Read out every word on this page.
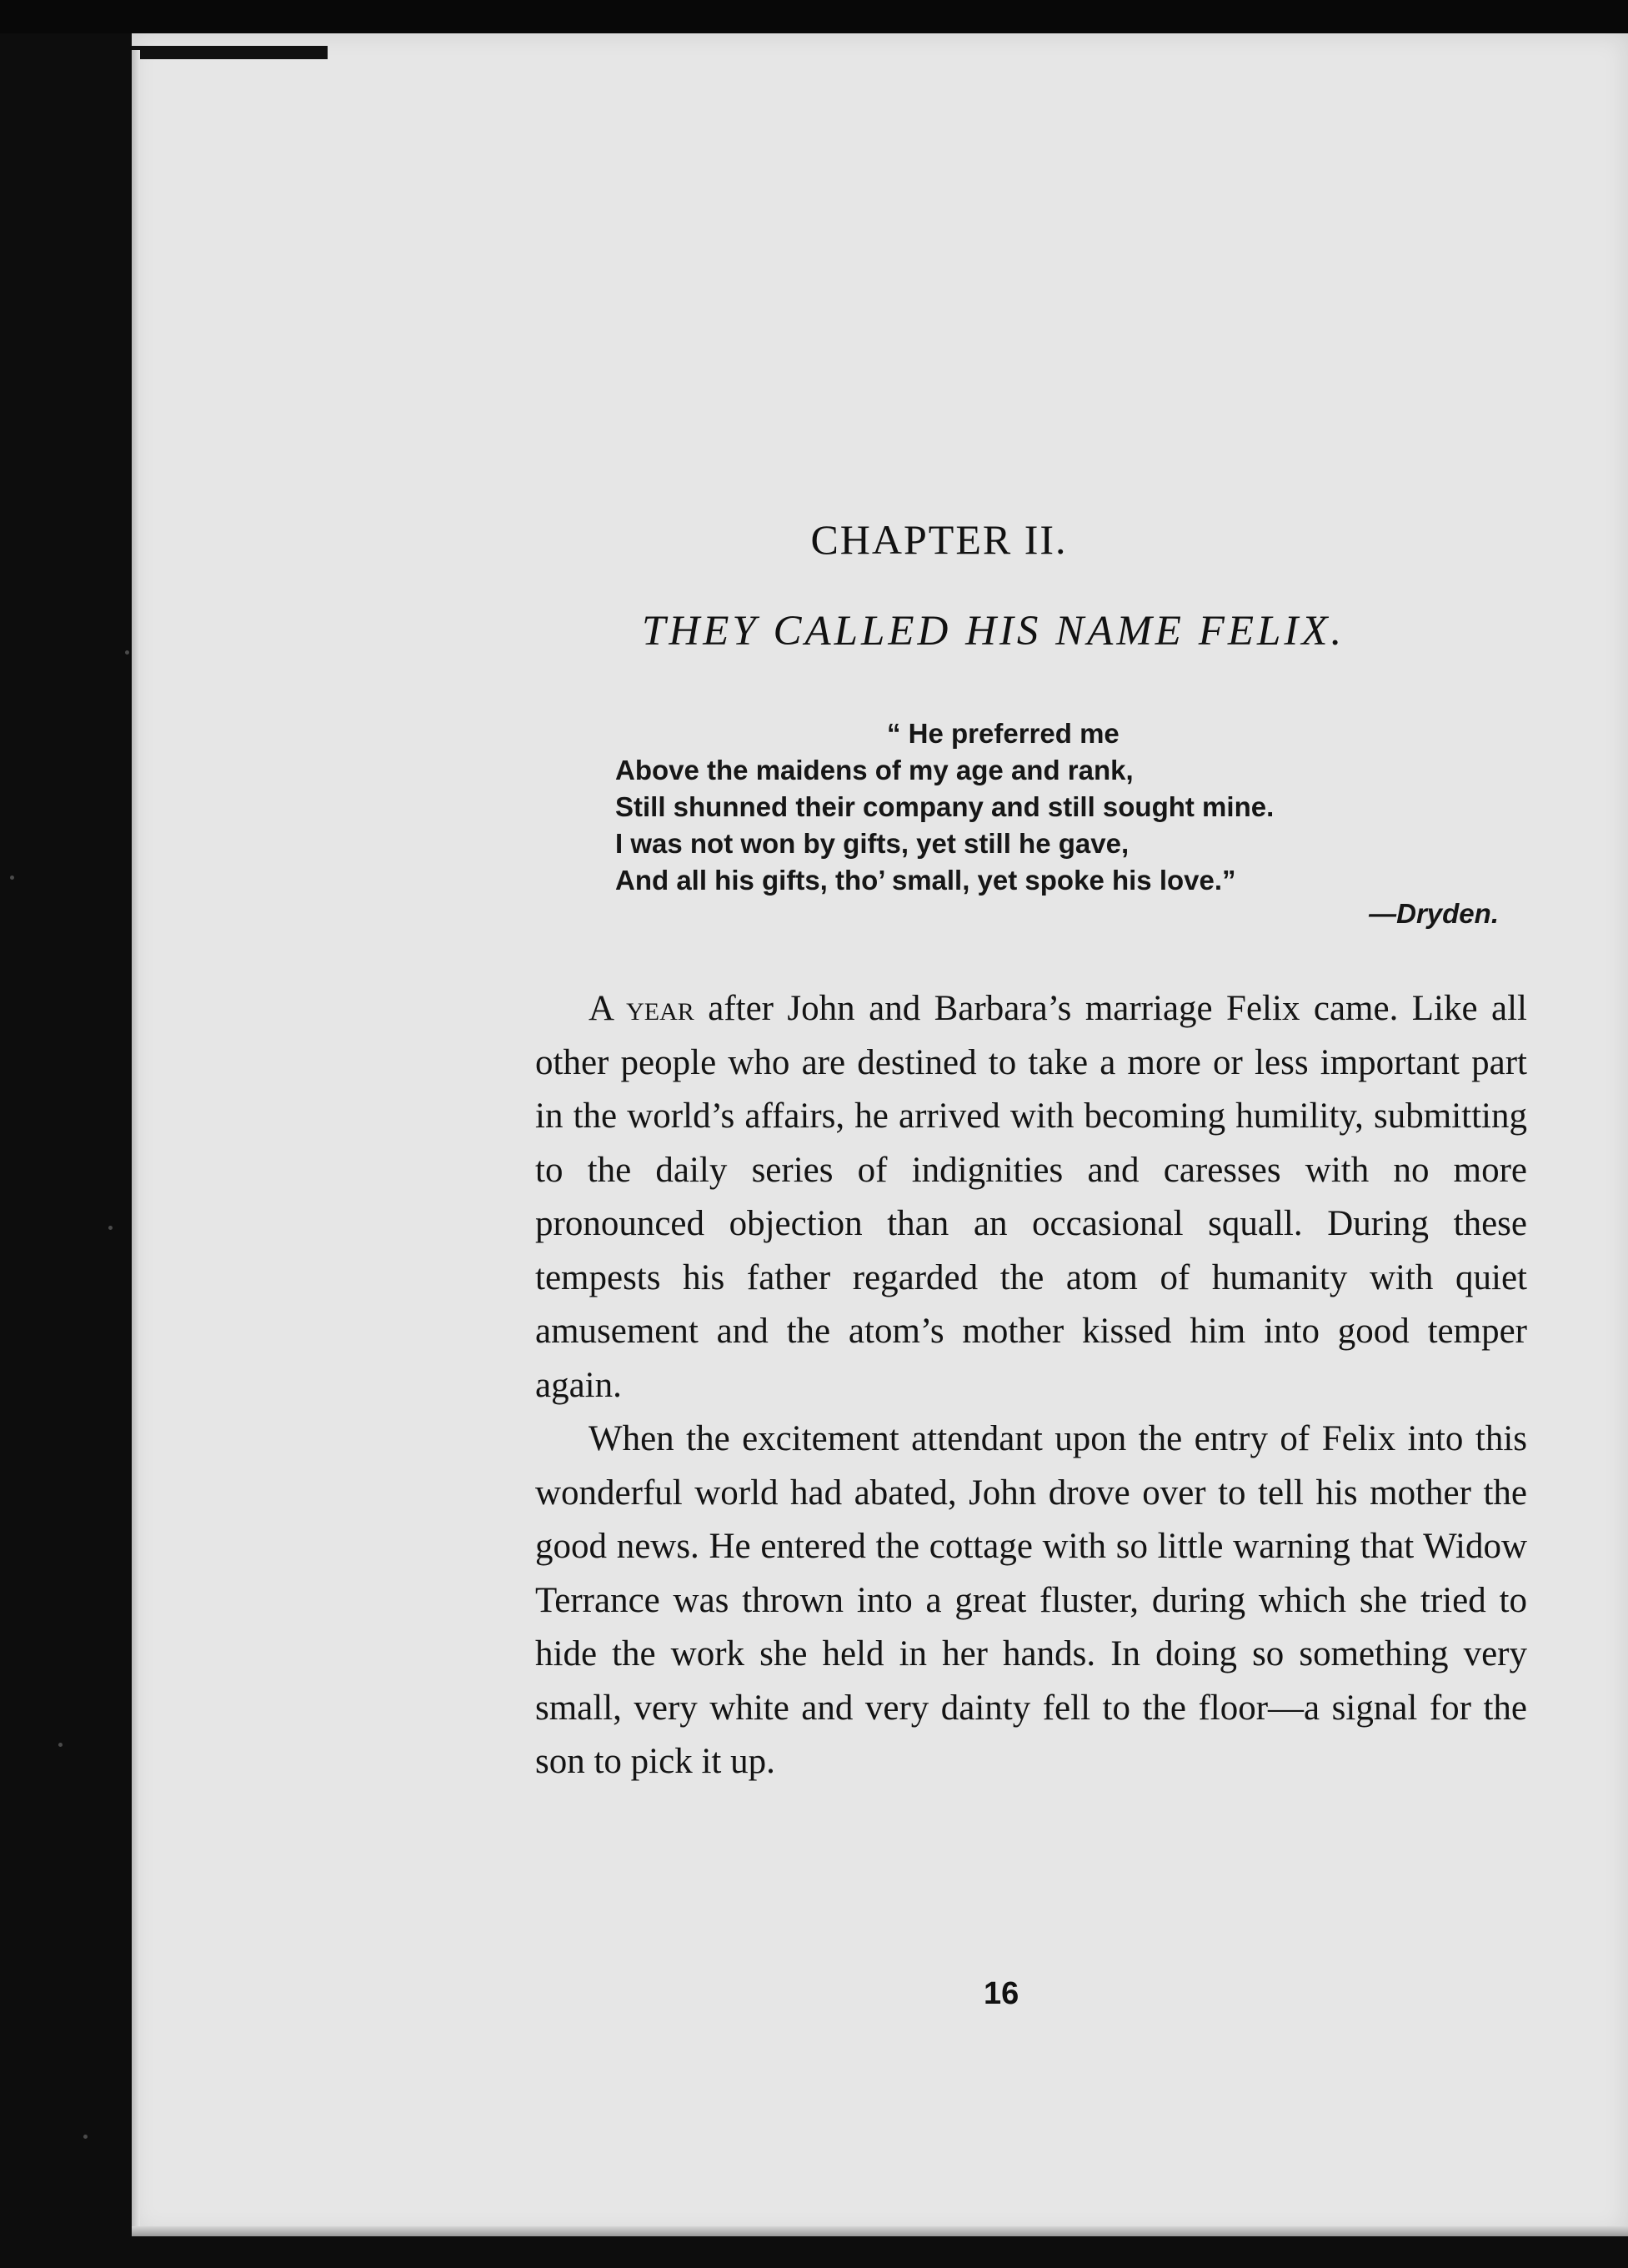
CHAPTER II.
THEY CALLED HIS NAME FELIX.
“ He preferred me
Above the maidens of my age and rank,
Still shunned their company and still sought mine.
I was not won by gifts, yet still he gave,
And all his gifts, tho’ small, yet spoke his love.”
—Dryden.

A year after John and Barbara’s marriage Felix came. Like all other people who are destined to take a more or less important part in the world’s affairs, he arrived with becoming humility, submitting to the daily series of indignities and caresses with no more pronounced objection than an occasional squall. During these tempests his father regarded the atom of humanity with quiet amusement and the atom’s mother kissed him into good temper again.

When the excitement attendant upon the entry of Felix into this wonderful world had abated, John drove over to tell his mother the good news. He entered the cottage with so little warning that Widow Terrance was thrown into a great fluster, during which she tried to hide the work she held in her hands. In doing so something very small, very white and very dainty fell to the floor—a signal for the son to pick it up.

16
